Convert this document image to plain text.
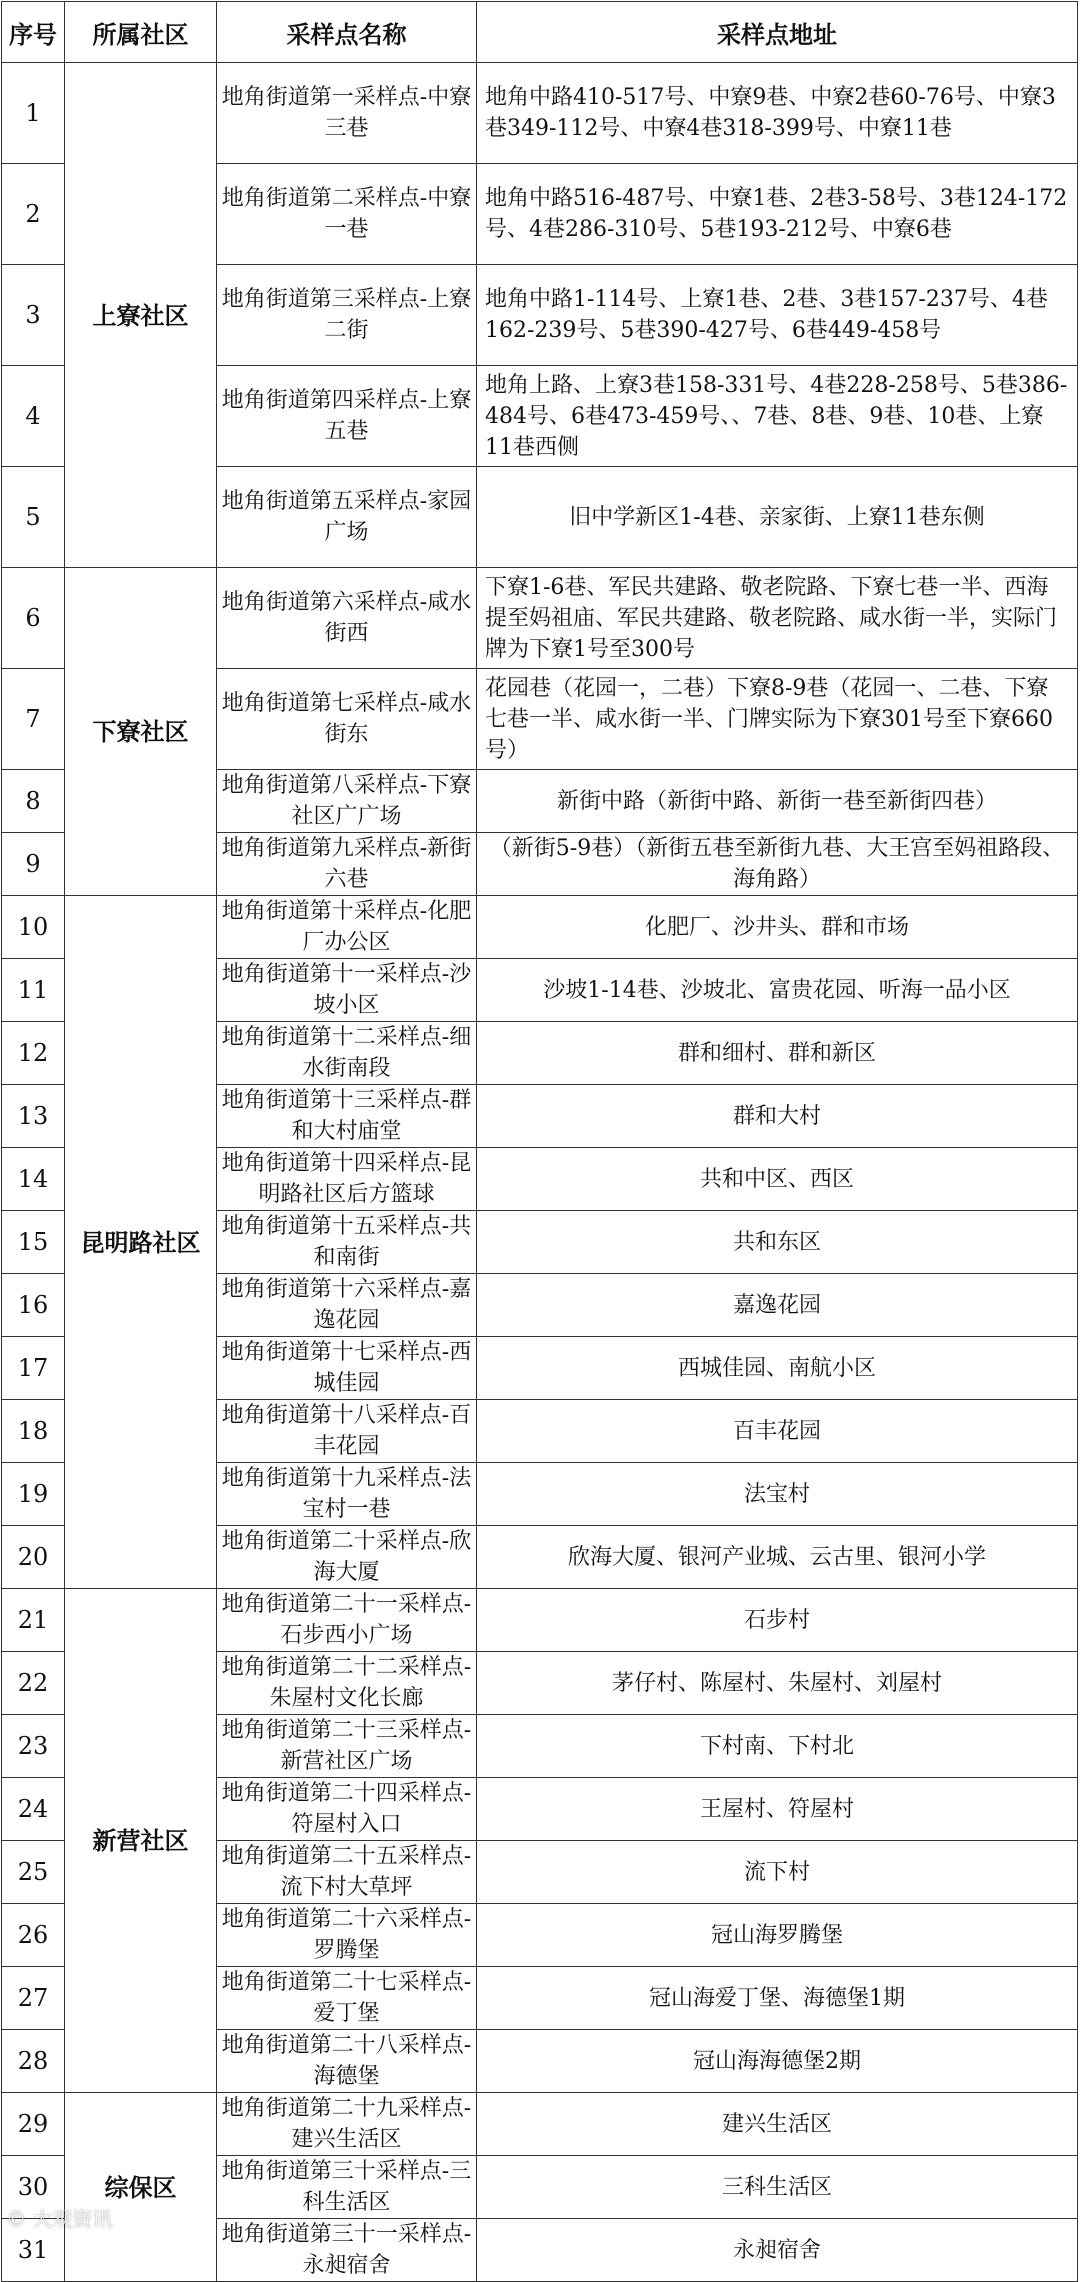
序号	所属社区	采样点名称	采样点地址
1	上寮社区	地角街道第一采样点-中寮三巷	地角中路410-517号、中寮9巷、中寮2巷60-76号、中寮3巷349-112号、中寮4巷318-399号、中寮11巷
2		地角街道第二采样点-中寮一巷	地角中路516-487号、中寮1巷、2巷3-58号、3巷124-172号、4巷286-310号、5巷193-212号、中寮6巷
3		地角街道第三采样点-上寮二街	地角中路1-114号、上寮1巷、2巷、3巷157-237号、4巷162-239号、5巷390-427号、6巷449-458号
4		地角街道第四采样点-上寮五巷	地角上路、上寮3巷158-331号、4巷228-258号、5巷386-484号、6巷473-459号、、7巷、8巷、9巷、10巷、上寮11巷西侧
5		地角街道第五采样点-家园广场	旧中学新区1-4巷、亲家街、上寮11巷东侧
6	下寮社区	地角街道第六采样点-咸水街西	下寮1-6巷、军民共建路、敬老院路、下寮七巷一半、西海提至妈祖庙、军民共建路、敬老院路、咸水街一半，实际门牌为下寮1号至300号
7		地角街道第七采样点-咸水街东	花园巷（花园一，二巷）下寮8-9巷（花园一、二巷、下寮七巷一半、咸水街一半、门牌实际为下寮301号至下寮660号）
8		地角街道第八采样点-下寮社区广广场	新街中路（新街中路、新街一巷至新街四巷）
9		地角街道第九采样点-新街六巷	（新街5-9巷）（新街五巷至新街九巷、大王宫至妈祖路段、海角路）
10	昆明路社区	地角街道第十采样点-化肥厂办公区	化肥厂、沙井头、群和市场
11		地角街道第十一采样点-沙坡小区	沙坡1-14巷、沙坡北、富贵花园、听海一品小区
12		地角街道第十二采样点-细水街南段	群和细村、群和新区
13		地角街道第十三采样点-群和大村庙堂	群和大村
14		地角街道第十四采样点-昆明路社区后方篮球	共和中区、西区
15		地角街道第十五采样点-共和南街	共和东区
16		地角街道第十六采样点-嘉逸花园	嘉逸花园
17		地角街道第十七采样点-西城佳园	西城佳园、南航小区
18		地角街道第十八采样点-百丰花园	百丰花园
19		地角街道第十九采样点-法宝村一巷	法宝村
20		地角街道第二十采样点-欣海大厦	欣海大厦、银河产业城、云古里、银河小学
21	新营社区	地角街道第二十一采样点-石步西小广场	石步村
22		地角街道第二十二采样点-朱屋村文化长廊	茅仔村、陈屋村、朱屋村、刘屋村
23		地角街道第二十三采样点-新营社区广场	下村南、下村北
24		地角街道第二十四采样点-符屋村入口	王屋村、符屋村
25		地角街道第二十五采样点-流下村大草坪	流下村
26		地角街道第二十六采样点-罗腾堡	冠山海罗腾堡
27		地角街道第二十七采样点-爱丁堡	冠山海爱丁堡、海德堡1期
28		地角街道第二十八采样点-海德堡	冠山海海德堡2期
29	综保区	地角街道第二十九采样点-建兴生活区	建兴生活区
30		地角街道第三十采样点-三科生活区	三科生活区
31		地角街道第三十一采样点-永昶宿舍	永昶宿舍
© 大观资讯
